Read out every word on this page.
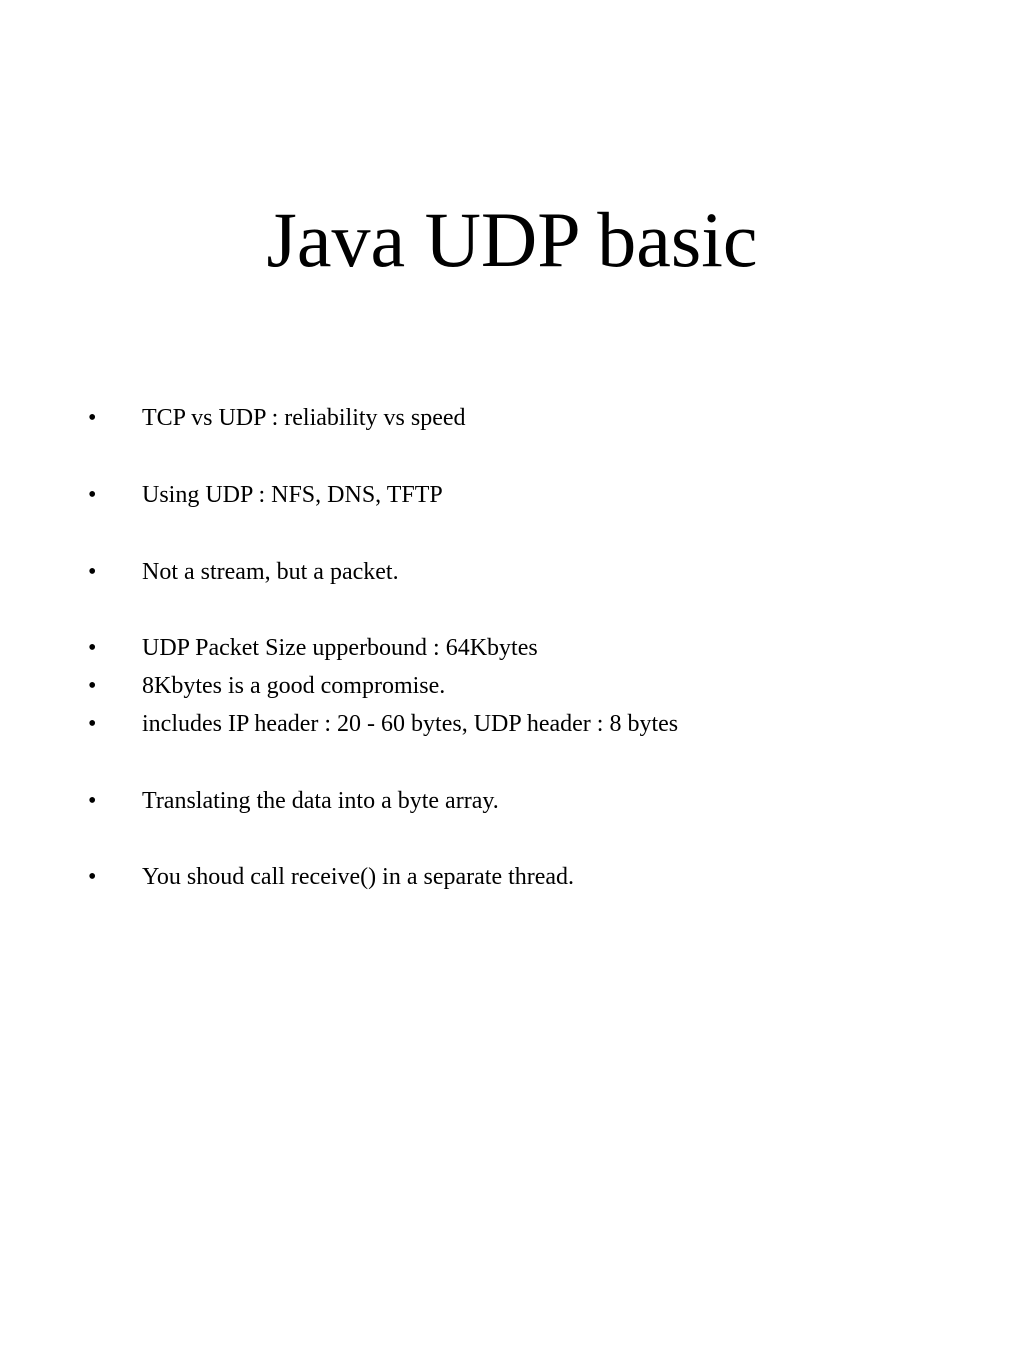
Java UDP basic
• TCP vs UDP : reliability vs speed
• Using UDP : NFS, DNS, TFTP
• Not a stream, but a packet.
• UDP Packet Size upperbound : 64Kbytes
• 8Kbytes is a good compromise.
• includes IP header : 20 - 60 bytes, UDP header : 8 bytes
• Translating the data into a byte array.
• You shoud call receive() in a separate thread.
